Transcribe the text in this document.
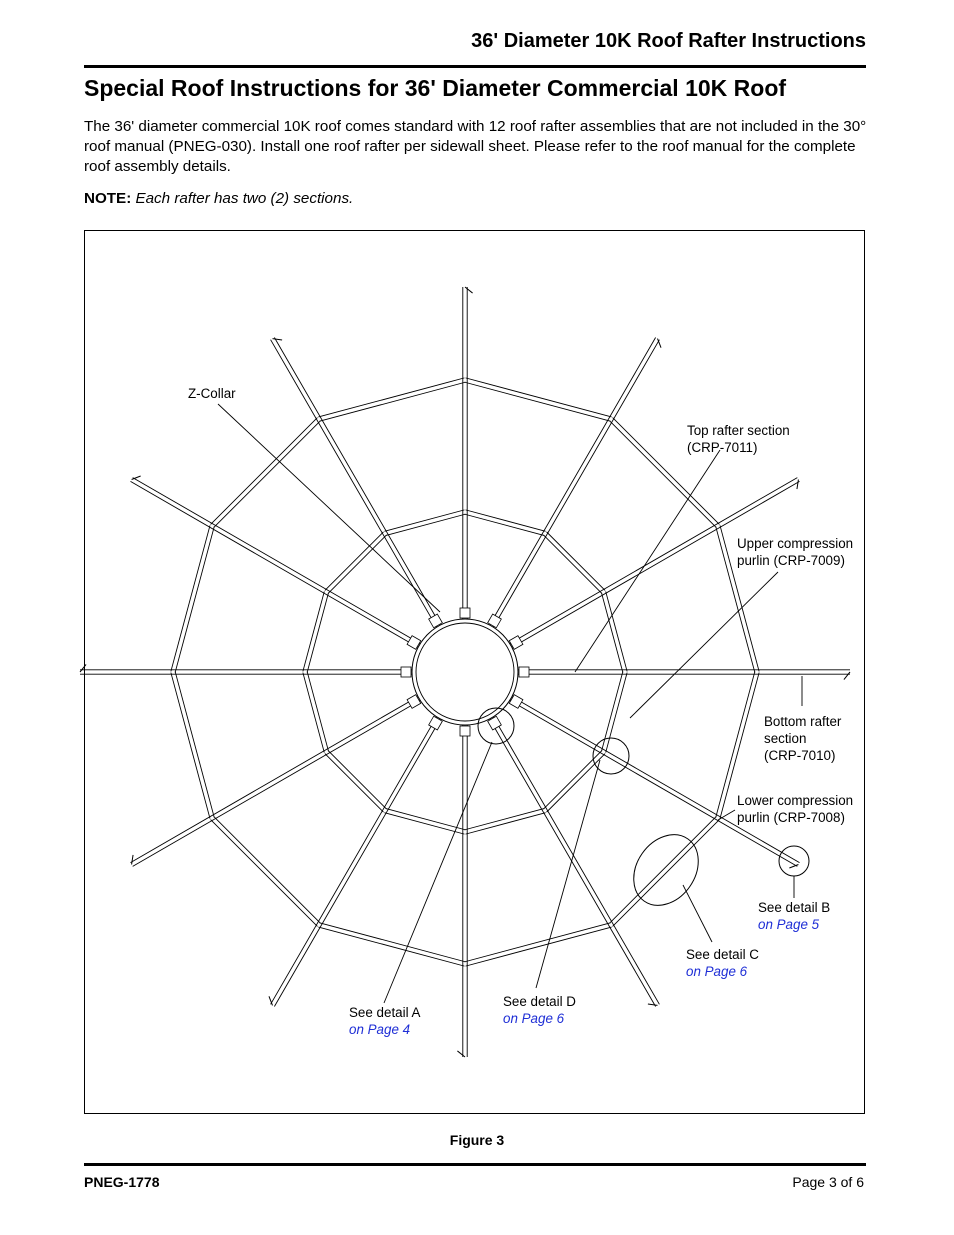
36' Diameter 10K Roof Rafter Instructions
Special Roof Instructions for 36' Diameter Commercial 10K Roof
The 36' diameter commercial 10K roof comes standard with 12 roof rafter assemblies that are not included in the 30° roof manual (PNEG-030). Install one roof rafter per sidewall sheet. Please refer to the roof manual for the complete roof assembly details.
NOTE: Each rafter has two (2) sections.
Z-Collar
Top rafter section
(CRP-7011)
Upper compression
purlin (CRP-7009)
Bottom rafter
section
(CRP-7010)
Lower compression
purlin (CRP-7008)
See detail B
on Page 5
See detail C
on Page 6
See detail D
on Page 6
See detail A
on Page 4
Figure 3
PNEG-1778	Page 3 of 6
